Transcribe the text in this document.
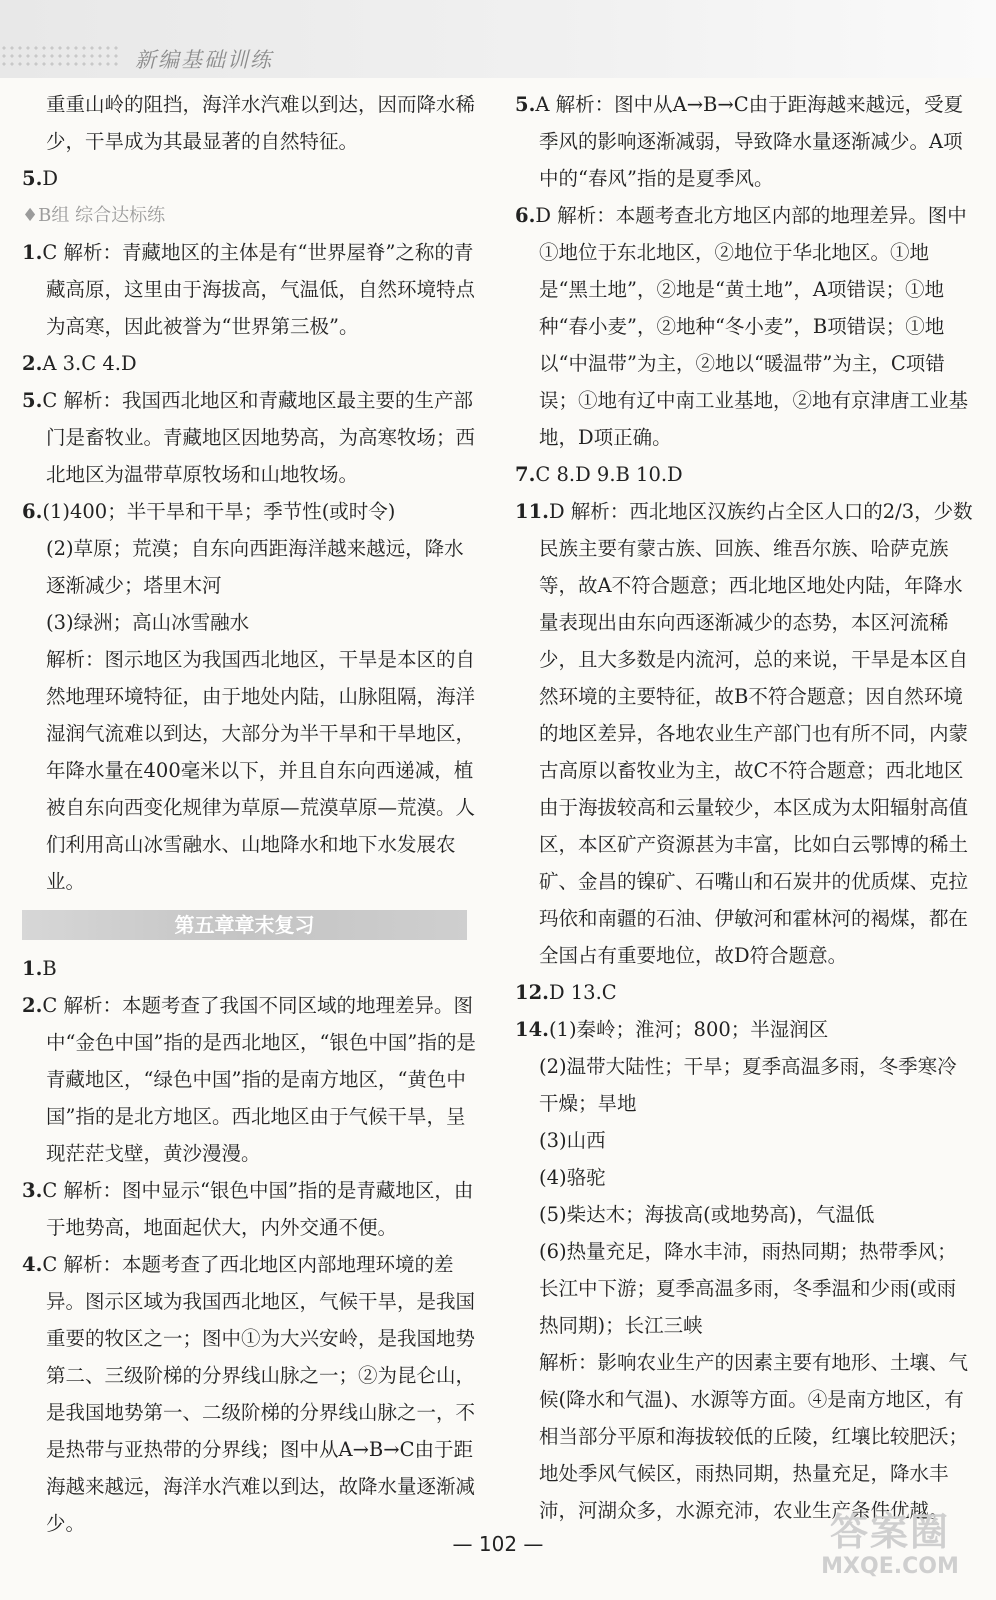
新编基础训练
重重山岭的阻挡，海洋水汽难以到达，因而降水稀少，干旱成为其最显著的自然特征。
5.D
♦B组 综合达标练
1.C 解析：青藏地区的主体是有“世界屋脊”之称的青藏高原，这里由于海拔高，气温低，自然环境特点为高寒，因此被誉为“世界第三极”。
2.A 3.C 4.D
5.C 解析：我国西北地区和青藏地区最主要的生产部门是畜牧业。青藏地区因地势高，为高寒牧场；西北地区为温带草原牧场和山地牧场。
6.(1)400；半干旱和干旱；季节性(或时令)
(2)草原；荒漠；自东向西距海洋越来越远，降水逐渐减少；塔里木河
(3)绿洲；高山冰雪融水
解析：图示地区为我国西北地区，干旱是本区的自然地理环境特征，由于地处内陆，山脉阻隔，海洋湿润气流难以到达，大部分为半干旱和干旱地区，年降水量在400毫米以下，并且自东向西递减，植被自东向西变化规律为草原—荒漠草原—荒漠。人们利用高山冰雪融水、山地降水和地下水发展农业。
第五章章末复习
1.B
2.C 解析：本题考查了我国不同区域的地理差异。图中“金色中国”指的是西北地区，“银色中国”指的是青藏地区，“绿色中国”指的是南方地区，“黄色中国”指的是北方地区。西北地区由于气候干旱，呈现茫茫戈壁，黄沙漫漫。
3.C 解析：图中显示“银色中国”指的是青藏地区，由于地势高，地面起伏大，内外交通不便。
4.C 解析：本题考查了西北地区内部地理环境的差异。图示区域为我国西北地区，气候干旱，是我国重要的牧区之一；图中①为大兴安岭，是我国地势第二、三级阶梯的分界线山脉之一；②为昆仑山，是我国地势第一、二级阶梯的分界线山脉之一，不是热带与亚热带的分界线；图中从A→B→C由于距海越来越远，海洋水汽难以到达，故降水量逐渐减少。
5.A 解析：图中从A→B→C由于距海越来越远，受夏季风的影响逐渐减弱，导致降水量逐渐减少。A项中的“春风”指的是夏季风。
6.D 解析：本题考查北方地区内部的地理差异。图中①地位于东北地区，②地位于华北地区。①地是“黑土地”，②地是“黄土地”，A项错误；①地种“春小麦”，②地种“冬小麦”，B项错误；①地以“中温带”为主，②地以“暖温带”为主，C项错误；①地有辽中南工业基地，②地有京津唐工业基地，D项正确。
7.C 8.D 9.B 10.D
11.D 解析：西北地区汉族约占全区人口的2/3，少数民族主要有蒙古族、回族、维吾尔族、哈萨克族等，故A不符合题意；西北地区地处内陆，年降水量表现出由东向西逐渐减少的态势，本区河流稀少，且大多数是内流河，总的来说，干旱是本区自然环境的主要特征，故B不符合题意；因自然环境的地区差异，各地农业生产部门也有所不同，内蒙古高原以畜牧业为主，故C不符合题意；西北地区由于海拔较高和云量较少，本区成为太阳辐射高值区，本区矿产资源甚为丰富，比如白云鄂博的稀土矿、金昌的镍矿、石嘴山和石炭井的优质煤、克拉玛依和南疆的石油、伊敏河和霍林河的褐煤，都在全国占有重要地位，故D符合题意。
12.D 13.C
14.(1)秦岭；淮河；800；半湿润区
(2)温带大陆性；干旱；夏季高温多雨，冬季寒冷干燥；旱地
(3)山西
(4)骆驼
(5)柴达木；海拔高(或地势高)，气温低
(6)热量充足，降水丰沛，雨热同期；热带季风；长江中下游；夏季高温多雨，冬季温和少雨(或雨热同期)；长江三峡
解析：影响农业生产的因素主要有地形、土壤、气候(降水和气温)、水源等方面。④是南方地区，有相当部分平原和海拔较低的丘陵，红壤比较肥沃；地处季风气候区，雨热同期，热量充足，降水丰沛，河湖众多，水源充沛，农业生产条件优越。
— 102 —	答案圈
MXQE.COM
